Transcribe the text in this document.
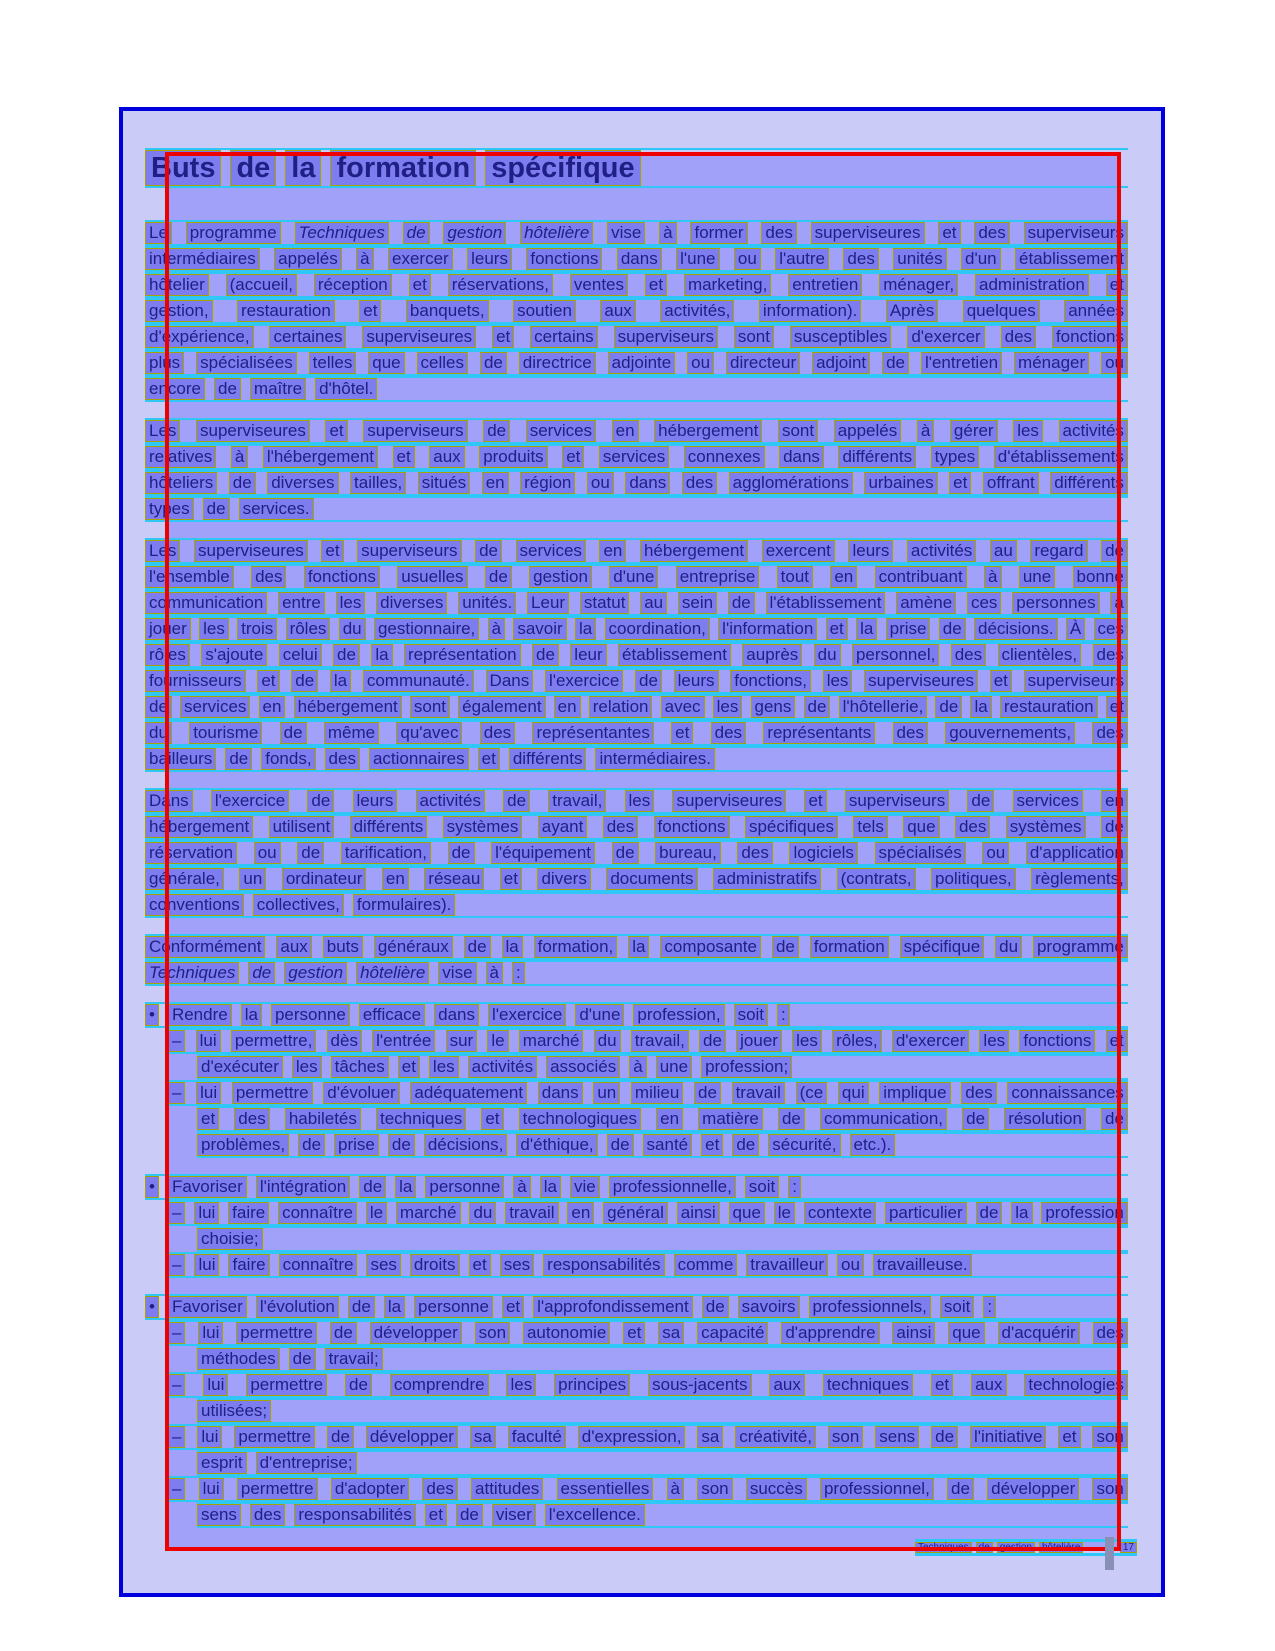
Buts de la formation spécifique
Le programme Techniques de gestion hôtelière vise à former des superviseures et des superviseurs
intermédiaires appelés à exercer leurs fonctions dans l'une ou l'autre des unités d'un établissement
hôtelier (accueil, réception et réservations, ventes et marketing, entretien ménager, administration et
gestion, restauration et banquets, soutien aux activités, information). Après quelques années
d'expérience, certaines superviseures et certains superviseurs sont susceptibles d'exercer des fonctions
plus spécialisées telles que celles de directrice adjointe ou directeur adjoint de l'entretien ménager ou
encore de maître d'hôtel.
Les superviseures et superviseurs de services en hébergement sont appelés à gérer les activités
relatives à l'hébergement et aux produits et services connexes dans différents types d'établissements
hôteliers de diverses tailles, situés en région ou dans des agglomérations urbaines et offrant différents
types de services.
Les superviseures et superviseurs de services en hébergement exercent leurs activités au regard de
l'ensemble des fonctions usuelles de gestion d'une entreprise tout en contribuant à une bonne
communication entre les diverses unités. Leur statut au sein de l'établissement amène ces personnes à
jouer les trois rôles du gestionnaire, à savoir la coordination, l'information et la prise de décisions. À ces
rôles s'ajoute celui de la représentation de leur établissement auprès du personnel, des clientèles, des
fournisseurs et de la communauté. Dans l'exercice de leurs fonctions, les superviseures et superviseurs
de services en hébergement sont également en relation avec les gens de l'hôtellerie, de la restauration et
du tourisme de même qu'avec des représentantes et des représentants des gouvernements, des
bailleurs de fonds, des actionnaires et différents intermédiaires.
Dans l'exercice de leurs activités de travail, les superviseures et superviseurs de services en
hébergement utilisent différents systèmes ayant des fonctions spécifiques tels que des systèmes de
réservation ou de tarification, de l'équipement de bureau, des logiciels spécialisés ou d'application
générale, un ordinateur en réseau et divers documents administratifs (contrats, politiques, règlements,
conventions collectives, formulaires).
Conformément aux buts généraux de la formation, la composante de formation spécifique du programme
Techniques de gestion hôtelière vise à :
• Rendre la personne efficace dans l'exercice d'une profession, soit :
– lui permettre, dès l'entrée sur le marché du travail, de jouer les rôles, d'exercer les fonctions et
d'exécuter les tâches et les activités associés à une profession;
– lui permettre d'évoluer adéquatement dans un milieu de travail (ce qui implique des connaissances
et des habiletés techniques et technologiques en matière de communication, de résolution de
problèmes, de prise de décisions, d'éthique, de santé et de sécurité, etc.).
• Favoriser l'intégration de la personne à la vie professionnelle, soit :
– lui faire connaître le marché du travail en général ainsi que le contexte particulier de la profession
choisie;
– lui faire connaître ses droits et ses responsabilités comme travailleur ou travailleuse.
• Favoriser l'évolution de la personne et l'approfondissement de savoirs professionnels, soit :
– lui permettre de développer son autonomie et sa capacité d'apprendre ainsi que d'acquérir des
méthodes de travail;
– lui permettre de comprendre les principes sous-jacents aux techniques et aux technologies
utilisées;
– lui permettre de développer sa faculté d'expression, sa créativité, son sens de l'initiative et son
esprit d'entreprise;
– lui permettre d'adopter des attitudes essentielles à son succès professionnel, de développer son
sens des responsabilités et de viser l'excellence.
Techniques	de	gestion	hôtelière	17
